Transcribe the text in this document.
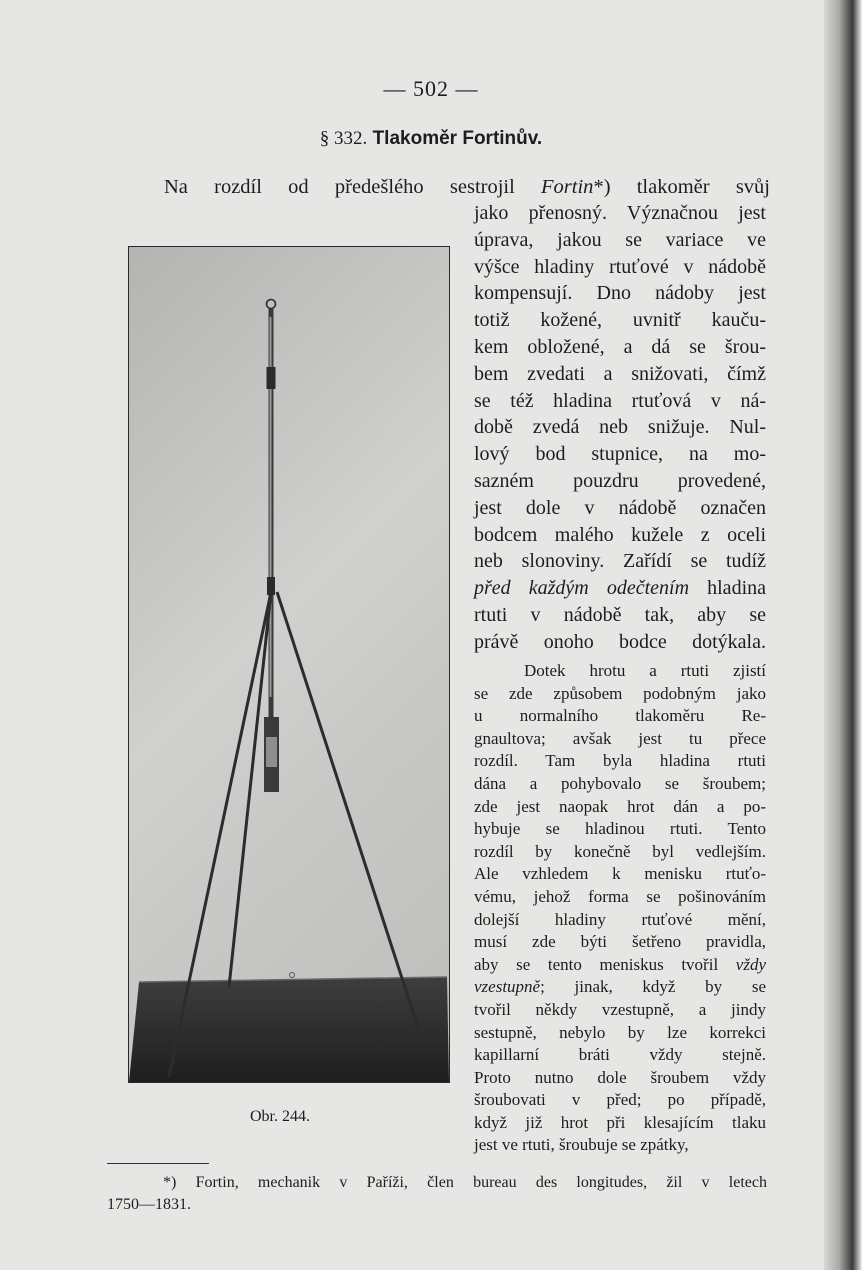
— 502 —
§ 332. Tlakoměr Fortinův.
Na rozdíl od předešlého sestrojil Fortin*) tlakoměr svůj
jako přenosný. Význačnou jest
úprava, jakou se variace ve
výšce hladiny rtuťové v nádobě
kompensují. Dno nádoby jest
totiž kožené, uvnitř kauču-
kem obložené, a dá se šrou-
bem zvedati a snižovati, čímž
se též hladina rtuťová v ná-
době zvedá neb snižuje. Nul-
lový bod stupnice, na mo-
sazném pouzdru provedené,
jest dole v nádobě označen
bodcem malého kužele z oceli
neb slonoviny. Zařídí se tudíž
před každým odečtením hladina
rtuti v nádobě tak, aby se
právě onoho bodce dotýkala.
Dotek hrotu a rtuti zjistí
se zde způsobem podobným jako
u normalního tlakoměru Re-
gnaultova; avšak jest tu přece
rozdíl. Tam byla hladina rtuti
dána a pohybovalo se šroubem;
zde jest naopak hrot dán a po-
hybuje se hladinou rtuti. Tento
rozdíl by konečně byl vedlejším.
Ale vzhledem k menisku rtuťo-
vému, jehož forma se pošinováním
dolejší hladiny rtuťové mění,
musí zde býti šetřeno pravidla,
aby se tento meniskus tvořil vždy
vzestupně; jinak, když by se
tvořil někdy vzestupně, a jindy
sestupně, nebylo by lze korrekci
kapillarní bráti vždy stejně.
Proto nutno dole šroubem vždy
šroubovati v před; po případě,
když již hrot při klesajícím tlaku
jest ve rtuti, šroubuje se zpátky,
Obr. 244.
*) Fortin, mechanik v Paříži, člen bureau des longitudes, žil v letech
1750—1831.
